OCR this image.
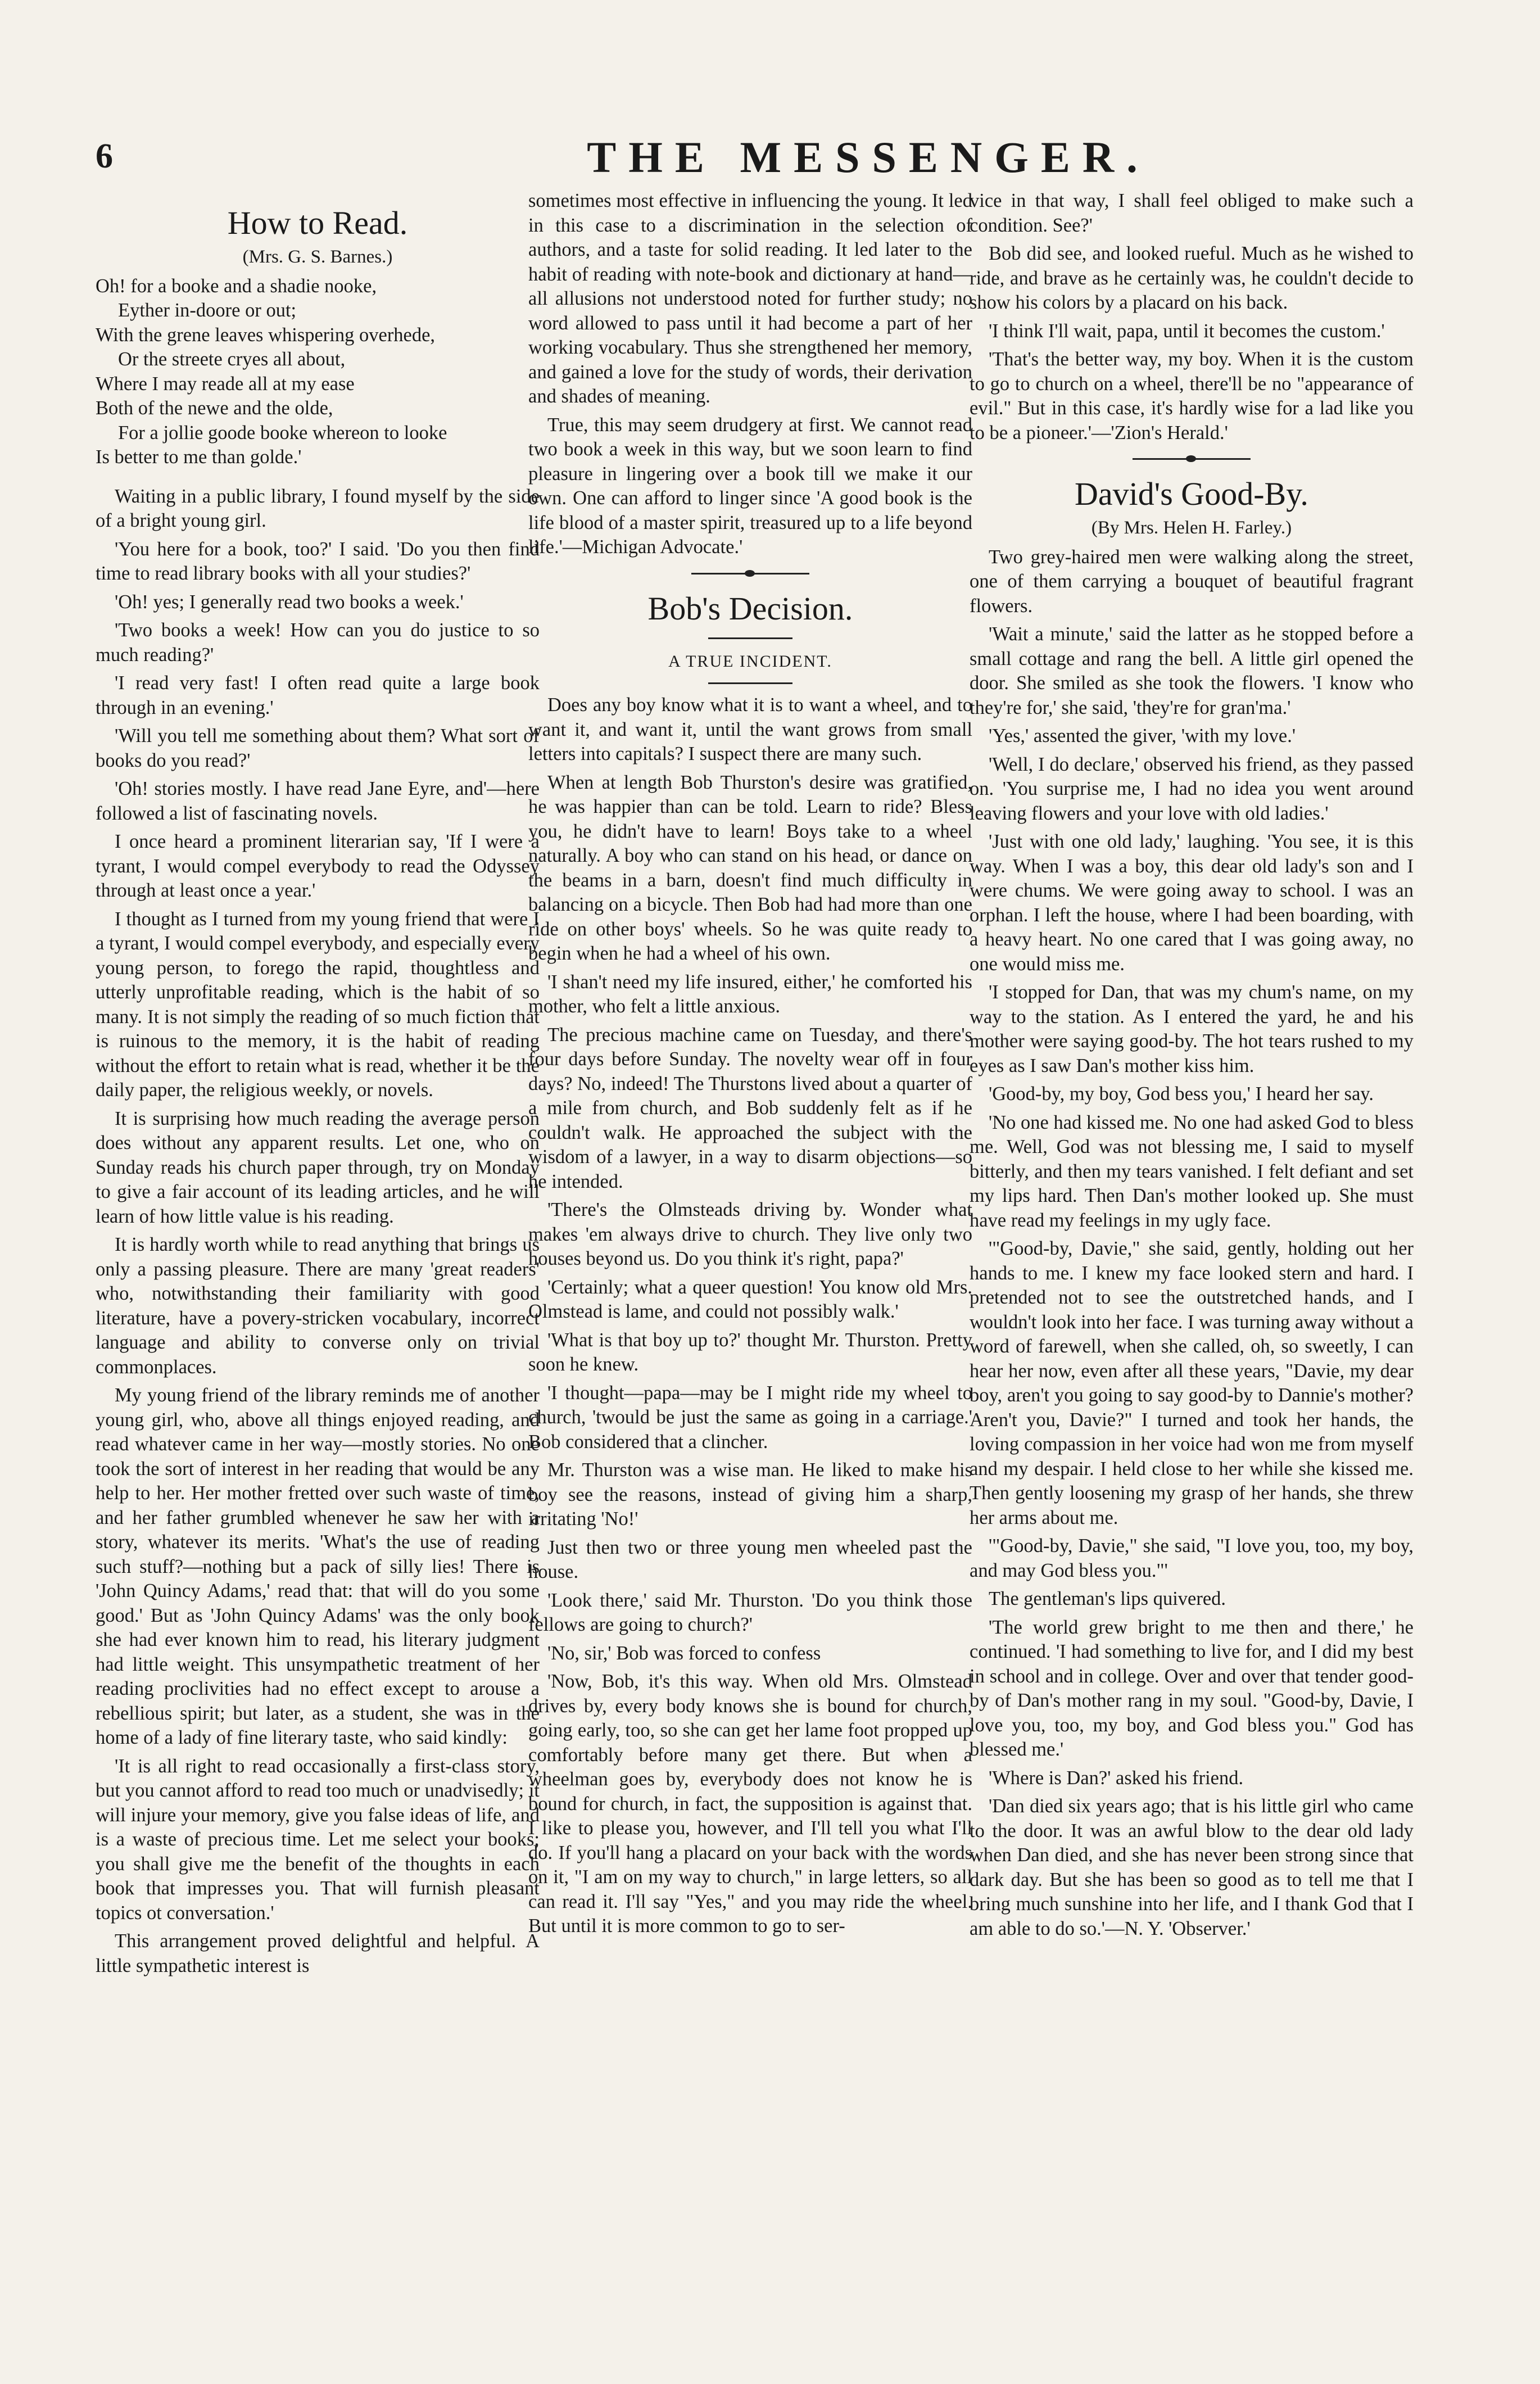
6	THE MESSENGER.
How to Read.
(Mrs. G. S. Barnes.)
Oh! for a booke and a shadie nooke,
Eyther in-doore or out;
With the grene leaves whispering overhede,
Or the streete cryes all about,
Where I may reade all at my ease
Both of the newe and the olde,
For a jollie goode booke whereon to looke
Is better to me than golde.'

Waiting in a public library, I found myself by the side of a bright young girl.

'You here for a book, too?' I said. 'Do you then find time to read library books with all your studies?'

'Oh! yes; I generally read two books a week.'

'Two books a week! How can you do justice to so much reading?'

'I read very fast! I often read quite a large book through in an evening.'

'Will you tell me something about them? What sort of books do you read?'

'Oh! stories mostly. I have read Jane Eyre, and'—here followed a list of fascinating novels.

I once heard a prominent literarian say, 'If I were a tyrant, I would compel everybody to read the Odyssey through at least once a year.'

I thought as I turned from my young friend that were I a tyrant, I would compel everybody, and especially every young person, to forego the rapid, thoughtless and utterly unprofitable reading, which is the habit of so many. It is not simply the reading of so much fiction that is ruinous to the memory, it is the habit of reading without the effort to retain what is read, whether it be the daily paper, the religious weekly, or novels.

It is surprising how much reading the average person does without any apparent results. Let one, who on Sunday reads his church paper through, try on Monday to give a fair account of its leading articles, and he will learn of how little value is his reading.

It is hardly worth while to read anything that brings us only a passing pleasure. There are many 'great readers' who, notwithstanding their familiarity with good literature, have a povery-stricken vocabulary, incorrect language and ability to converse only on trivial commonplaces.

My young friend of the library reminds me of another young girl, who, above all things enjoyed reading, and read whatever came in her way—mostly stories. No one took the sort of interest in her reading that would be any help to her. Her mother fretted over such waste of time, and her father grumbled whenever he saw her with a story, whatever its merits. 'What's the use of reading such stuff?—nothing but a pack of silly lies! There is 'John Quincy Adams,' read that: that will do you some good.' But as 'John Quincy Adams' was the only book she had ever known him to read, his literary judgment had little weight. This unsympathetic treatment of her reading proclivities had no effect except to arouse a rebellious spirit; but later, as a student, she was in the home of a lady of fine literary taste, who said kindly:

'It is all right to read occasionally a first-class story, but you cannot afford to read too much or unadvisedly; it will injure your memory, give you false ideas of life, and is a waste of precious time. Let me select your books; you shall give me the benefit of the thoughts in each book that impresses you. That will furnish pleasant topics ot conversation.'

This arrangement proved delightful and helpful. A little sympathetic interest is

sometimes most effective in influencing the young. It led in this case to a discrimination in the selection of authors, and a taste for solid reading. It led later to the habit of reading with note-book and dictionary at hand—all allusions not understood noted for further study; no word allowed to pass until it had become a part of her working vocabulary. Thus she strengthened her memory, and gained a love for the study of words, their derivation and shades of meaning.

True, this may seem drudgery at first. We cannot read two book a week in this way, but we soon learn to find pleasure in lingering over a book till we make it our own. One can afford to linger since 'A good book is the life blood of a master spirit, treasured up to a life beyond life.'—Michigan Advocate.'

Bob's Decision.
A TRUE INCIDENT.

Does any boy know what it is to want a wheel, and to want it, and want it, until the want grows from small letters into capitals? I suspect there are many such.

When at length Bob Thurston's desire was gratified, he was happier than can be told. Learn to ride? Bless you, he didn't have to learn! Boys take to a wheel naturally. A boy who can stand on his head, or dance on the beams in a barn, doesn't find much difficulty in balancing on a bicycle. Then Bob had had more than one ride on other boys' wheels. So he was quite ready to begin when he had a wheel of his own.

'I shan't need my life insured, either,' he comforted his mother, who felt a little anxious.

The precious machine came on Tuesday, and there's four days before Sunday. The novelty wear off in four days? No, indeed! The Thurstons lived about a quarter of a mile from church, and Bob suddenly felt as if he couldn't walk. He approached the subject with the wisdom of a lawyer, in a way to disarm objections—so he intended.

'There's the Olmsteads driving by. Wonder what makes 'em always drive to church. They live only two houses beyond us. Do you think it's right, papa?'

'Certainly; what a queer question! You know old Mrs. Olmstead is lame, and could not possibly walk.'

'What is that boy up to?' thought Mr. Thurston. Pretty soon he knew.

'I thought—papa—may be I might ride my wheel to church, 'twould be just the same as going in a carriage.' Bob considered that a clincher.

Mr. Thurston was a wise man. He liked to make his boy see the reasons, instead of giving him a sharp, irritating 'No!'

Just then two or three young men wheeled past the house.

'Look there,' said Mr. Thurston. 'Do you think those fellows are going to church?'

'No, sir,' Bob was forced to confess

'Now, Bob, it's this way. When old Mrs. Olmstead drives by, every body knows she is bound for church, going early, too, so she can get her lame foot propped up comfortably before many get there. But when a wheelman goes by, everybody does not know he is bound for church, in fact, the supposition is against that. I like to please you, however, and I'll tell you what I'll do. If you'll hang a placard on your back with the words on it, "I am on my way to church," in large letters, so all can read it. I'll say "Yes," and you may ride the wheel. But until it is more common to go to ser-

vice in that way, I shall feel obliged to make such a condition. See?'

Bob did see, and looked rueful. Much as he wished to ride, and brave as he certainly was, he couldn't decide to show his colors by a placard on his back.

'I think I'll wait, papa, until it becomes the custom.'

'That's the better way, my boy. When it is the custom to go to church on a wheel, there'll be no "appearance of evil." But in this case, it's hardly wise for a lad like you to be a pioneer.'—'Zion's Herald.'

David's Good-By.
(By Mrs. Helen H. Farley.)

Two grey-haired men were walking along the street, one of them carrying a bouquet of beautiful fragrant flowers.

'Wait a minute,' said the latter as he stopped before a small cottage and rang the bell. A little girl opened the door. She smiled as she took the flowers. 'I know who they're for,' she said, 'they're for gran'ma.'

'Yes,' assented the giver, 'with my love.'

'Well, I do declare,' observed his friend, as they passed on. 'You surprise me, I had no idea you went around leaving flowers and your love with old ladies.'

'Just with one old lady,' laughing. 'You see, it is this way. When I was a boy, this dear old lady's son and I were chums. We were going away to school. I was an orphan. I left the house, where I had been boarding, with a heavy heart. No one cared that I was going away, no one would miss me.

'I stopped for Dan, that was my chum's name, on my way to the station. As I entered the yard, he and his mother were saying good-by. The hot tears rushed to my eyes as I saw Dan's mother kiss him.

'Good-by, my boy, God bess you,' I heard her say.

'No one had kissed me. No one had asked God to bless me. Well, God was not blessing me, I said to myself bitterly, and then my tears vanished. I felt defiant and set my lips hard. Then Dan's mother looked up. She must have read my feelings in my ugly face.

'"Good-by, Davie," she said, gently, holding out her hands to me. I knew my face looked stern and hard. I pretended not to see the outstretched hands, and I wouldn't look into her face. I was turning away without a word of farewell, when she called, oh, so sweetly, I can hear her now, even after all these years, "Davie, my dear boy, aren't you going to say good-by to Dannie's mother? Aren't you, Davie?" I turned and took her hands, the loving compassion in her voice had won me from myself and my despair. I held close to her while she kissed me. Then gently loosening my grasp of her hands, she threw her arms about me.

'"Good-by, Davie," she said, "I love you, too, my boy, and may God bless you."'

The gentleman's lips quivered.

'The world grew bright to me then and there,' he continued. 'I had something to live for, and I did my best in school and in college. Over and over that tender good-by of Dan's mother rang in my soul. "Good-by, Davie, I love you, too, my boy, and God bless you." God has blessed me.'

'Where is Dan?' asked his friend.

'Dan died six years ago; that is his little girl who came to the door. It was an awful blow to the dear old lady when Dan died, and she has never been strong since that dark day. But she has been so good as to tell me that I bring much sunshine into her life, and I thank God that I am able to do so.'—N. Y. 'Observer.'
